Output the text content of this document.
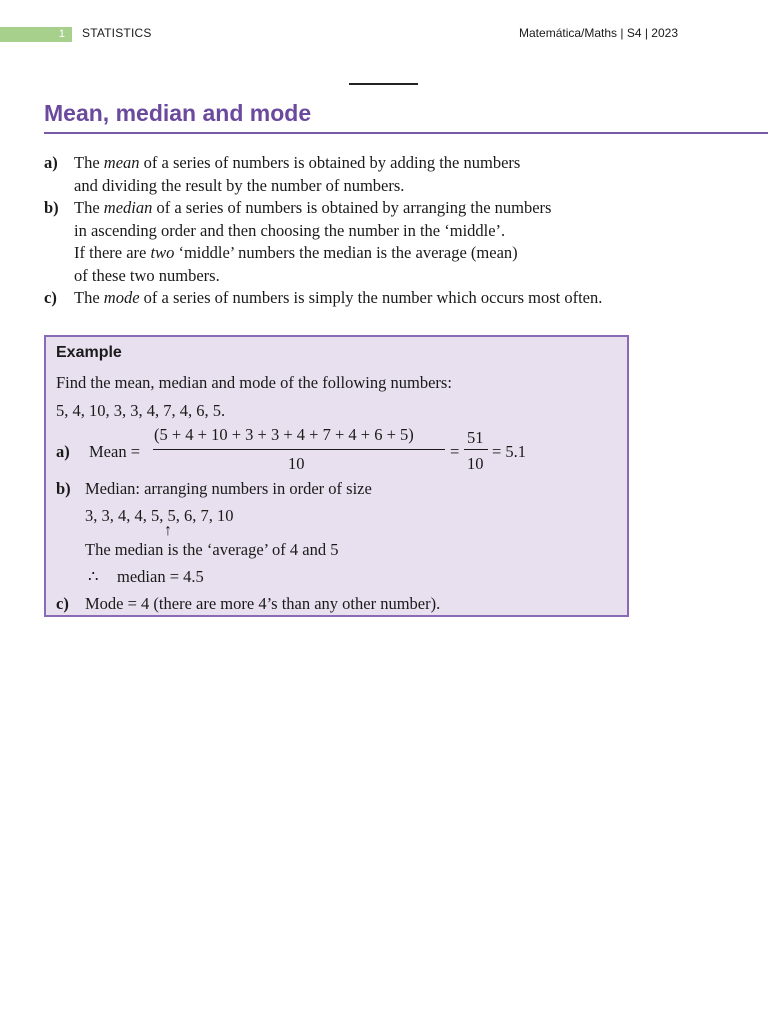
1	STATISTICS	Matemática/Maths | S4 | 2023
Mean, median and mode
a) The mean of a series of numbers is obtained by adding the numbers
and dividing the result by the number of numbers.
b) The median of a series of numbers is obtained by arranging the numbers
in ascending order and then choosing the number in the ‘middle’.
If there are two ‘middle’ numbers the median is the average (mean)
of these two numbers.
c)	The mode of a series of numbers is simply the number which occurs most often.
Example
Find the mean, median and mode of the following numbers:
5, 4, 10, 3, 3, 4, 7, 4, 6, 5.
a) Mean =
(5 + 4 + 10 + 3 + 3 + 4 + 7 + 4 + 6 + 5)
10
=
51
10
= 5.1
b) Median: arranging numbers in order of size
3, 3, 4, 4, 5, 5, 6, 7, 10
↑
The median is the ‘average’ of 4 and 5
∴ median = 4.5
c) Mode = 4 (there are more 4’s than any other number).
